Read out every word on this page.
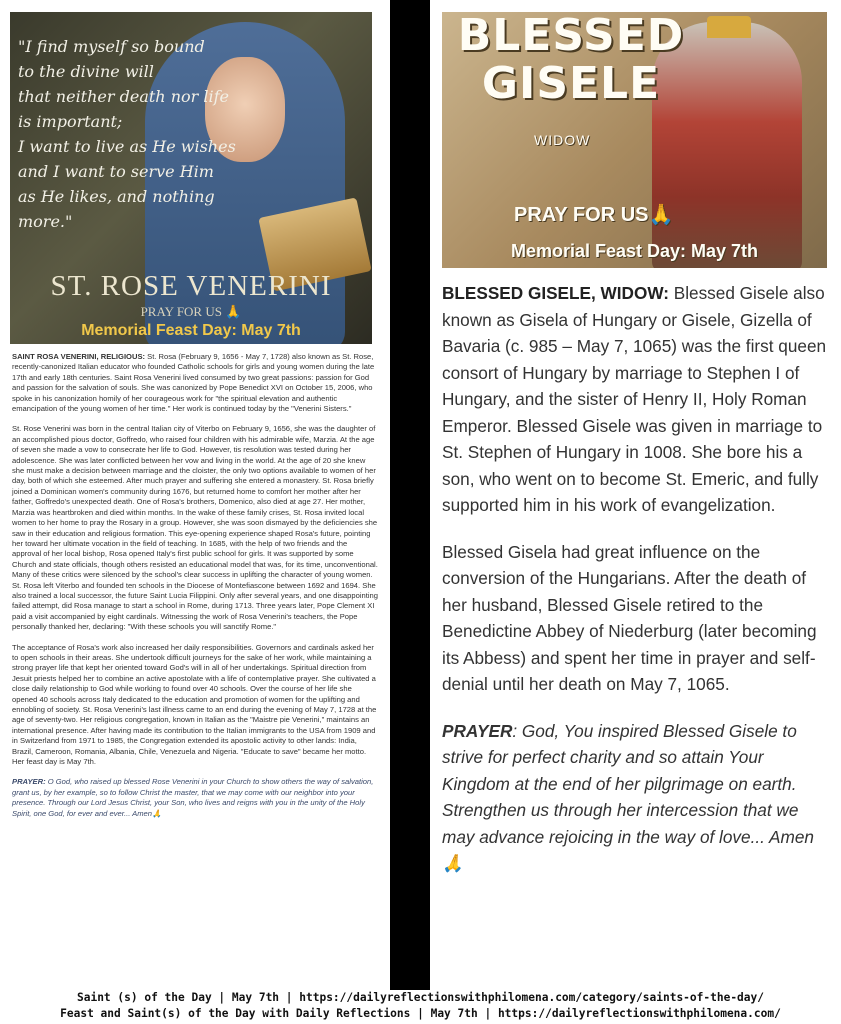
"I find myself so bound
to the divine will
that neither death nor life
is important;
I want to live as He wishes
and I want to serve Him
as He likes, and nothing more."
ST. ROSE VENERINI
PRAY FOR US 🙏
Memorial Feast Day: May 7th

SAINT ROSA VENERINI, RELIGIOUS: St. Rosa (February 9, 1656 - May 7, 1728) also known as St. Rose, recently-canonized Italian educator who founded Catholic schools for girls and young women during the late 17th and early 18th centuries. Saint Rosa Venerini lived consumed by two great passions: passion for God and passion for the salvation of souls. She was canonized by Pope Benedict XVI on October 15, 2006, who spoke in his canonization homily of her courageous work for "the spiritual elevation and authentic emancipation of the young women of her time." Her work is continued today by the "Venerini Sisters."

St. Rose Venerini was born in the central Italian city of Viterbo on February 9, 1656, she was the daughter of an accomplished pious doctor, Goffredo, who raised four children with his admirable wife, Marzia. At the age of seven she made a vow to consecrate her life to God. However, tis resolution was tested during her adolescence. She was later conflicted between her vow and living in the world. At the age of 20 she knew she must make a decision between marriage and the cloister, the only two options available to women of her day, both of which she esteemed. After much prayer and suffering she entered a monastery. St. Rosa briefly joined a Dominican women's community during 1676, but returned home to comfort her mother after her father, Goffredo's unexpected death. One of Rosa's brothers, Domenico, also died at age 27. Her mother, Marzia was heartbroken and died within months. In the wake of these family crises, St. Rosa invited local women to her home to pray the Rosary in a group. However, she was soon dismayed by the deficiencies she saw in their education and religious formation. This eye-opening experience shaped Rosa's future, pointing her toward her ultimate vocation in the field of teaching. In 1685, with the help of two friends and the approval of her local bishop, Rosa opened Italy's first public school for girls. It was supported by some Church and state officials, though others resisted an educational model that was, for its time, unconventional. Many of these critics were silenced by the school's clear success in uplifting the character of young women. St. Rosa left Viterbo and founded ten schools in the Diocese of Montefiascone between 1692 and 1694. She also trained a local successor, the future Saint Lucia Filippini. Only after several years, and one disappointing failed attempt, did Rosa manage to start a school in Rome, during 1713. Three years later, Pope Clement XI paid a visit accompanied by eight cardinals. Witnessing the work of Rosa Venerini's teachers, the Pope personally thanked her, declaring: "With these schools you will sanctify Rome."

The acceptance of Rosa's work also increased her daily responsibilities. Governors and cardinals asked her to open schools in their areas. She undertook difficult journeys for the sake of her work, while maintaining a strong prayer life that kept her oriented toward God's will in all of her undertakings. Spiritual direction from Jesuit priests helped her to combine an active apostolate with a life of contemplative prayer. She cultivated a close daily relationship to God while working to found over 40 schools. Over the course of her life she opened 40 schools across Italy dedicated to the education and promotion of women for the uplifting and ennobling of society. St. Rosa Venerini's last illness came to an end during the evening of May 7, 1728 at the age of seventy-two. Her religious congregation, known in Italian as the "Maistre pie Venerini," maintains an international presence. After having made its contribution to the Italian immigrants to the USA from 1909 and in Switzerland from 1971 to 1985, the Congregation extended its apostolic activity to other lands: India, Brazil, Cameroon, Romania, Albania, Chile, Venezuela and Nigeria. "Educate to save" became her motto. Her feast day is May 7th.

PRAYER: O God, who raised up blessed Rose Venerini in your Church to show others the way of salvation, grant us, by her example, so to follow Christ the master, that we may come with our neighbor into your presence. Through our Lord Jesus Christ, your Son, who lives and reigns with you in the unity of the Holy Spirit, one God, for ever and ever... Amen🙏

BLESSED
GISELE
WIDOW
PRAY FOR US🙏
Memorial Feast Day: May 7th

BLESSED GISELE, WIDOW: Blessed Gisele also known as Gisela of Hungary or Gisele, Gizella of Bavaria (c. 985 – May 7, 1065) was the first queen consort of Hungary by marriage to Stephen I of Hungary, and the sister of Henry II, Holy Roman Emperor. Blessed Gisele was given in marriage to St. Stephen of Hungary in 1008. She bore his a son, who went on to become St. Emeric, and fully supported him in his work of evangelization.

Blessed Gisela had great influence on the conversion of the Hungarians. After the death of her husband, Blessed Gisele retired to the Benedictine Abbey of Niederburg (later becoming its Abbess) and spent her time in prayer and self-denial until her death on May 7, 1065.

PRAYER: God, You inspired Blessed Gisele to strive for perfect charity and so attain Your Kingdom at the end of her pilgrimage on earth. Strengthen us through her intercession that we may advance rejoicing in the way of love... Amen🙏

Saint (s) of the Day | May 7th | https://dailyreflectionswithphilomena.com/category/saints-of-the-day/
Feast and Saint(s) of the Day with Daily Reflections | May 7th | https://dailyreflectionswithphilomena.com/
